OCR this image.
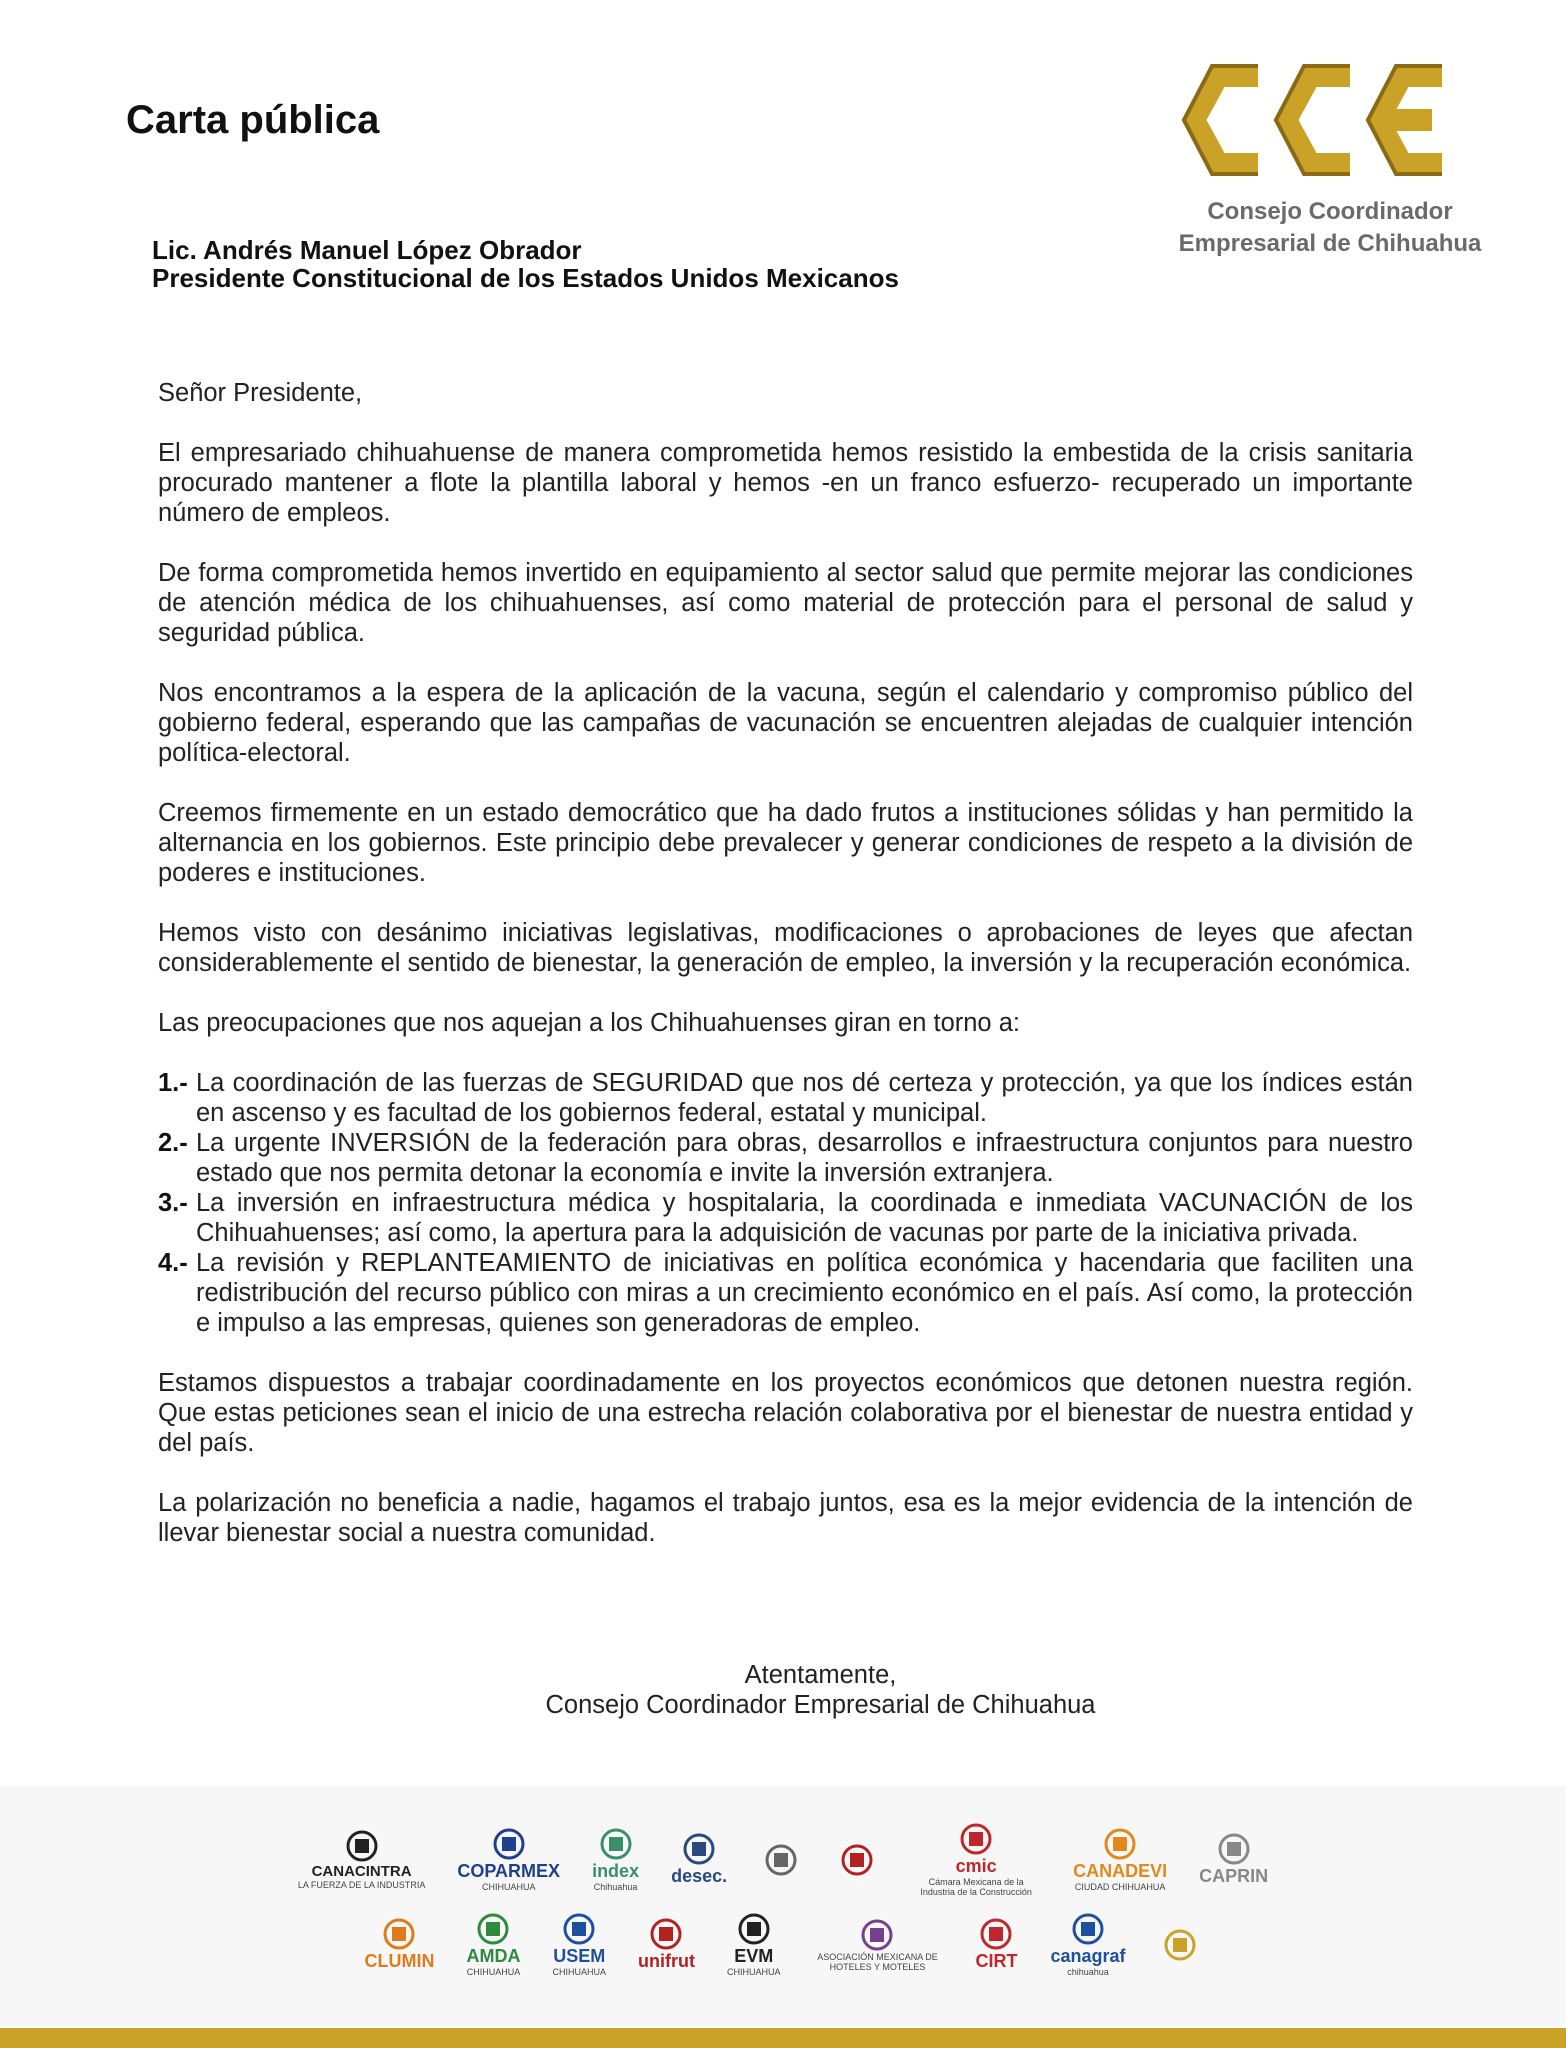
Carta pública
Consejo Coordinador
Empresarial de Chihuahua
Lic. Andrés Manuel López Obrador
Presidente Constitucional de los Estados Unidos Mexicanos

Señor Presidente,

El empresariado chihuahuense de manera comprometida hemos resistido la embestida de la crisis sanitaria procurado mantener a flote la plantilla laboral y hemos -en un franco esfuerzo- recuperado un importante número de empleos.

De forma comprometida hemos invertido en equipamiento al sector salud que permite mejorar las condiciones de atención médica de los chihuahuenses, así como material de protección para el personal de salud y seguridad pública.

Nos encontramos a la espera de la aplicación de la vacuna, según el calendario y compromiso público del gobierno federal, esperando que las campañas de vacunación se encuentren alejadas de cualquier intención política-electoral.

Creemos firmemente en un estado democrático que ha dado frutos a instituciones sólidas y han permitido la alternancia en los gobiernos. Este principio debe prevalecer y generar condiciones de respeto a la división de poderes e instituciones.

Hemos visto con desánimo iniciativas legislativas, modificaciones o aprobaciones de leyes que afectan considerablemente el sentido de bienestar, la generación de empleo, la inversión y la recuperación económica.

Las preocupaciones que nos aquejan a los Chihuahuenses giran en torno a:

1.- La coordinación de las fuerzas de SEGURIDAD que nos dé certeza y protección, ya que los índices están en ascenso y es facultad de los gobiernos federal, estatal y municipal.
2.- La urgente INVERSIÓN de la federación para obras, desarrollos e infraestructura conjuntos para nuestro estado que nos permita detonar la economía e invite la inversión extranjera.
3.- La inversión en infraestructura médica y hospitalaria, la coordinada e inmediata VACUNACIÓN de los Chihuahuenses; así como, la apertura para la adquisición de vacunas por parte de la iniciativa privada.
4.- La revisión y REPLANTEAMIENTO de iniciativas en política económica y hacendaria que faciliten una redistribución del recurso público con miras a un crecimiento económico en el país. Así como, la protección e impulso a las empresas, quienes son generadoras de empleo.

Estamos dispuestos a trabajar coordinadamente en los proyectos económicos que detonen nuestra región. Que estas peticiones sean el inicio de una estrecha relación colaborativa por el bienestar de nuestra entidad y del país.

La polarización no beneficia a nadie, hagamos el trabajo juntos, esa es la mejor evidencia de la intención de llevar bienestar social a nuestra comunidad.

Atentamente,
Consejo Coordinador Empresarial de Chihuahua
CANACINTRA
LA FUERZA DE LA INDUSTRIA
COPARMEX
CHIHUAHUA
index
Chihuahua
desec.	cmic
Cámara Mexicana de la Industria de la Construcción
CANADEVI
CIUDAD CHIHUAHUA
CAPRIN
CLUMIN AMDA
CHIHUAHUA
USEM
CHIHUAHUA
unifrut EVM
CHIHUAHUA
ASOCIACIÓN MEXICANA DE HOTELES Y MOTELES	CIRT canagraf
chihuahua
